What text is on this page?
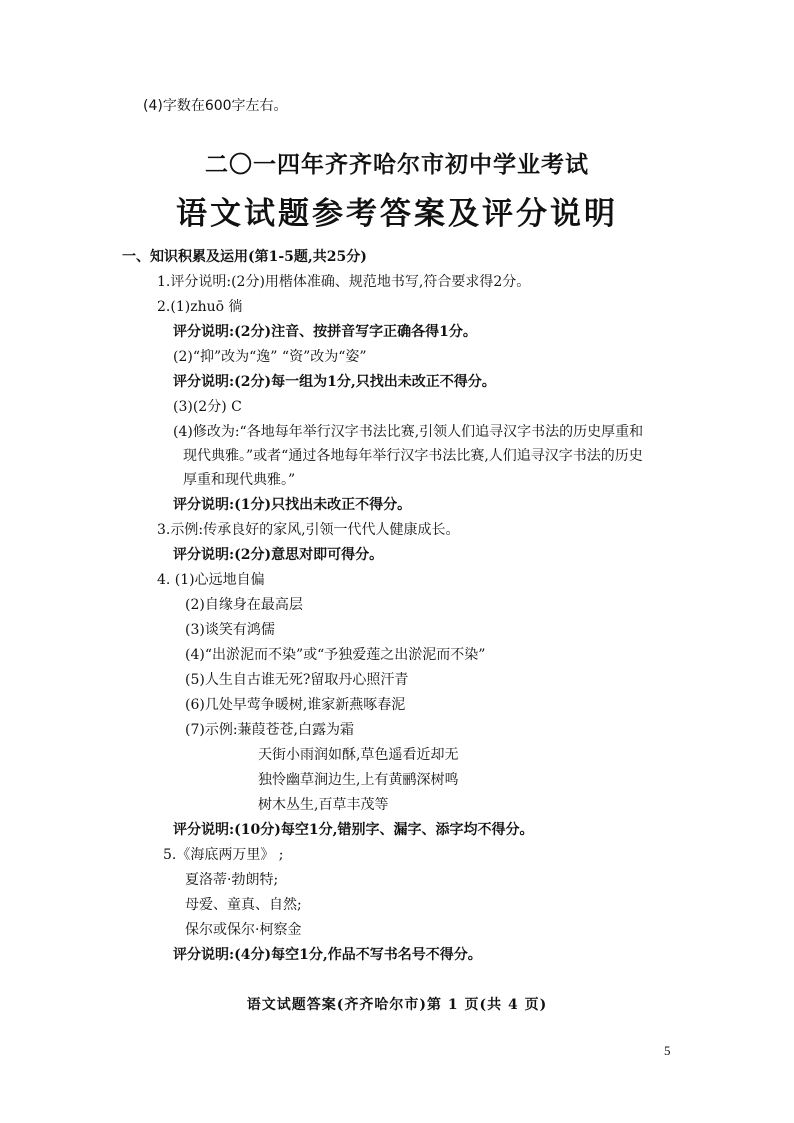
(4)字数在600字左右。
二〇一四年齐齐哈尔市初中学业考试
语文试题参考答案及评分说明
一、知识积累及运用(第1-5题,共25分)
1.评分说明:(2分)用楷体准确、规范地书写,符合要求得2分。
2.(1)zhuō 徜
评分说明:(2分)注音、按拼音写字正确各得1分。
(2)“抑”改为“逸” “资”改为“姿”
评分说明:(2分)每一组为1分,只找出未改正不得分。
(3)(2分) C
(4)修改为:“各地每年举行汉字书法比赛,引领人们追寻汉字书法的历史厚重和
现代典雅。”或者“通过各地每年举行汉字书法比赛,人们追寻汉字书法的历史
厚重和现代典雅。”
评分说明:(1分)只找出未改正不得分。
3.示例:传承良好的家风,引领一代代人健康成长。
评分说明:(2分)意思对即可得分。
4. (1)心远地自偏
(2)自缘身在最高层
(3)谈笑有鸿儒
(4)“出淤泥而不染”或“予独爱莲之出淤泥而不染”
(5)人生自古谁无死?留取丹心照汗青
(6)几处早莺争暖树,谁家新燕啄春泥
(7)示例:蒹葭苍苍,白露为霜
天街小雨润如酥,草色遥看近却无
独怜幽草涧边生,上有黄鹂深树鸣
树木丛生,百草丰茂等
评分说明:(10分)每空1分,错别字、漏字、添字均不得分。
5.《海底两万里》 ;
夏洛蒂·勃朗特;
母爱、童真、自然;
保尔或保尔·柯察金
评分说明:(4分)每空1分,作品不写书名号不得分。
语文试题答案(齐齐哈尔市)第 1 页(共 4 页)
5
